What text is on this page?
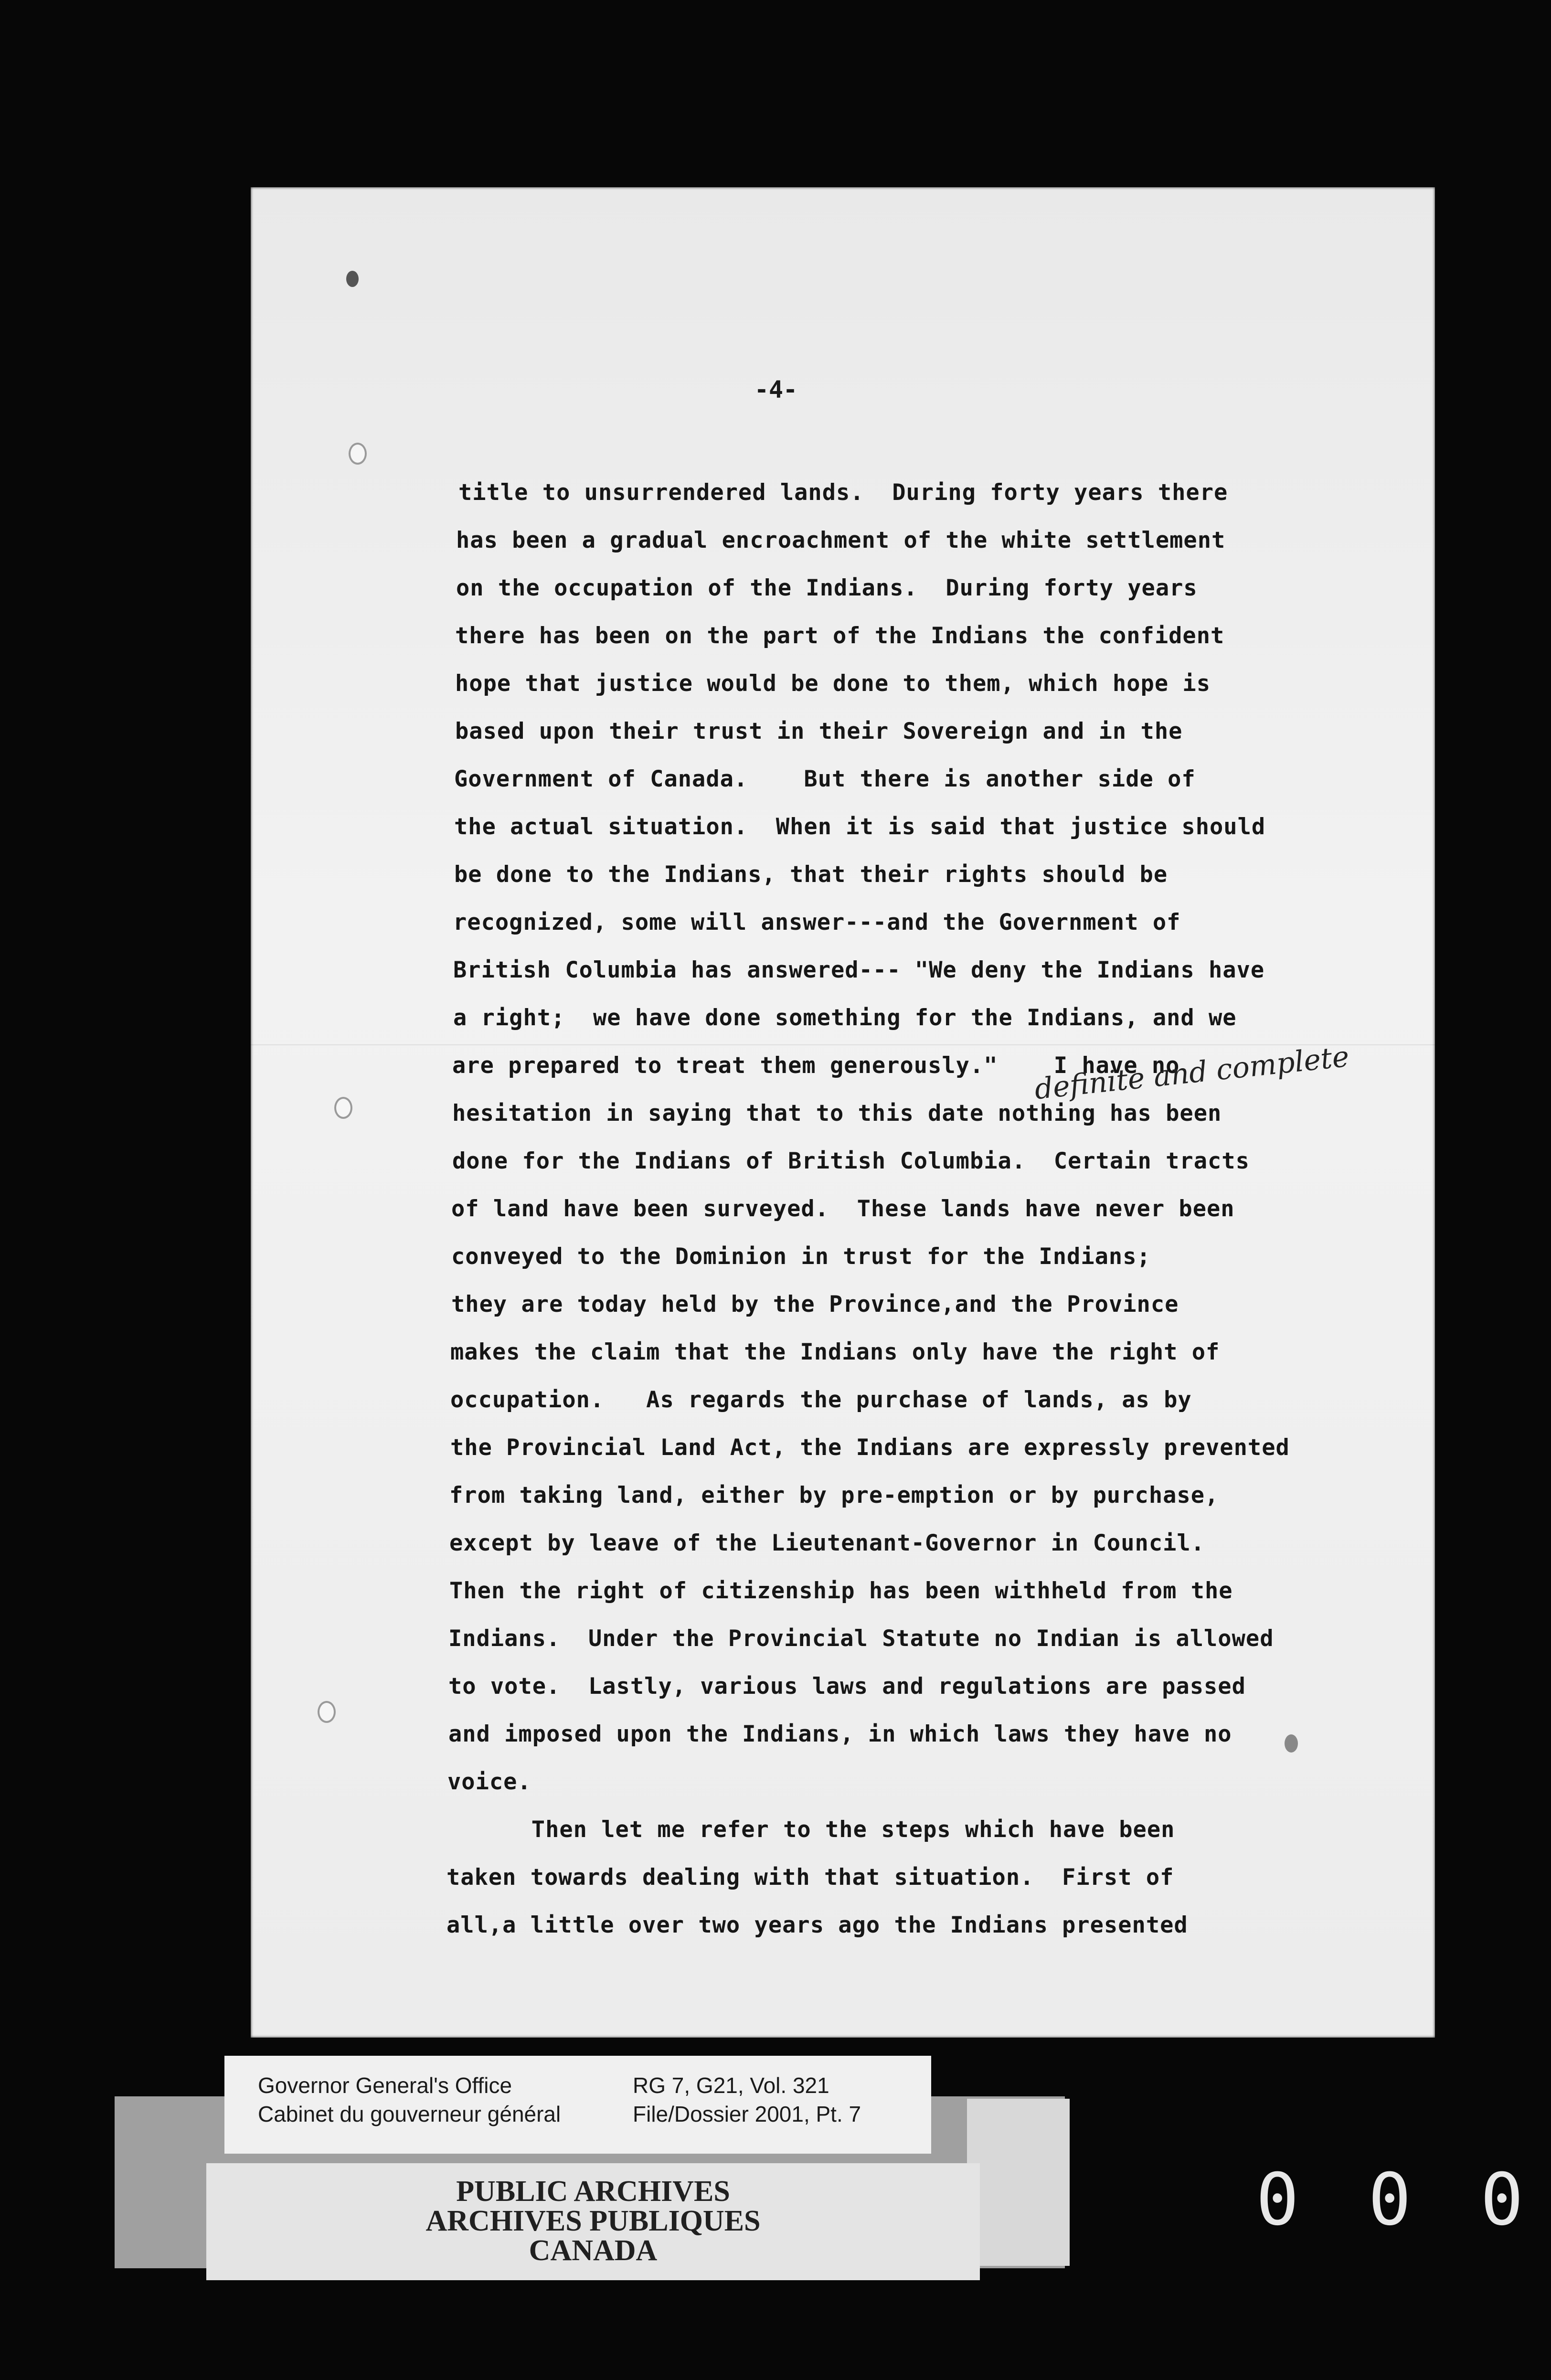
-4-
title to unsurrendered lands.  During forty years there
has been a gradual encroachment of the white settlement
on the occupation of the Indians.  During forty years
there has been on the part of the Indians the confident
hope that justice would be done to them, which hope is
based upon their trust in their Sovereign and in the
Government of Canada.    But there is another side of
the actual situation.  When it is said that justice should
be done to the Indians, that their rights should be
recognized, some will answer---and the Government of
British Columbia has answered--- "We deny the Indians have
a right;  we have done something for the Indians, and we
are prepared to treat them generously."    I have no
hesitation in saying that to this date nothing has been
done for the Indians of British Columbia.  Certain tracts
of land have been surveyed.  These lands have never been
conveyed to the Dominion in trust for the Indians;
they are today held by the Province,and the Province
makes the claim that the Indians only have the right of
occupation.   As regards the purchase of lands, as by
the Provincial Land Act, the Indians are expressly prevented
from taking land, either by pre-emption or by purchase,
except by leave of the Lieutenant-Governor in Council.
Then the right of citizenship has been withheld from the
Indians.  Under the Provincial Statute no Indian is allowed
to vote.  Lastly, various laws and regulations are passed
and imposed upon the Indians, in which laws they have no
voice.
Then let me refer to the steps which have been
taken towards dealing with that situation.  First of
all,a little over two years ago the Indians presented
definite and complete
Governor General's Office
Cabinet du gouverneur général
RG 7, G21, Vol. 321
File/Dossier 2001, Pt. 7
PUBLIC ARCHIVES
ARCHIVES PUBLIQUES
CANADA
0 0 0
